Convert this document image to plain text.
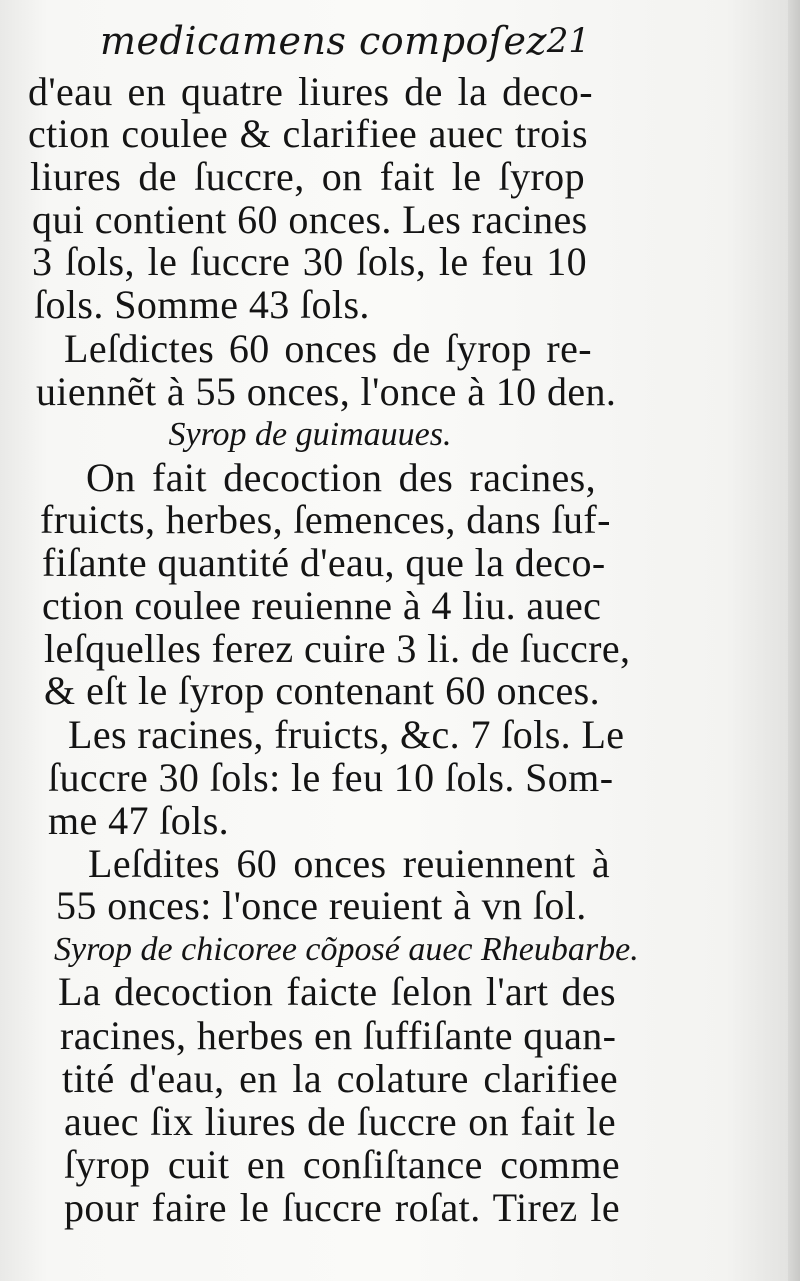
medicamens compoſez 21
d'eau en quatre liures de la deco-
ction coulee & clarifiee auec trois
liures de ſuccre, on fait le ſyrop
qui contient 60 onces. Les racines
3 ſols, le ſuccre 30 ſols, le feu 10
ſols. Somme 43 ſols.
Leſdictes 60 onces de ſyrop re-
uiennẽt à 55 onces, l'once à 10 den.
Syrop de guimauues.
On fait decoction des racines,
fruicts, herbes, ſemences, dans ſuf-
fiſante quantité d'eau, que la deco-
ction coulee reuienne à 4 liu. auec
leſquelles ferez cuire 3 li. de ſuccre,
& eſt le ſyrop contenant 60 onces.
Les racines, fruicts, &c. 7 ſols. Le
ſuccre 30 ſols: le feu 10 ſols. Som-
me 47 ſols.
Leſdites 60 onces reuiennent à
55 onces: l'once reuient à vn ſol.
Syrop de chicoree cõposé auec Rheubarbe.
La decoction faicte ſelon l'art des
racines, herbes en ſuffiſante quan-
tité d'eau, en la colature clarifiee
auec ſix liures de ſuccre on fait le
ſyrop cuit en conſiſtance comme
pour faire le ſuccre roſat. Tirez le
